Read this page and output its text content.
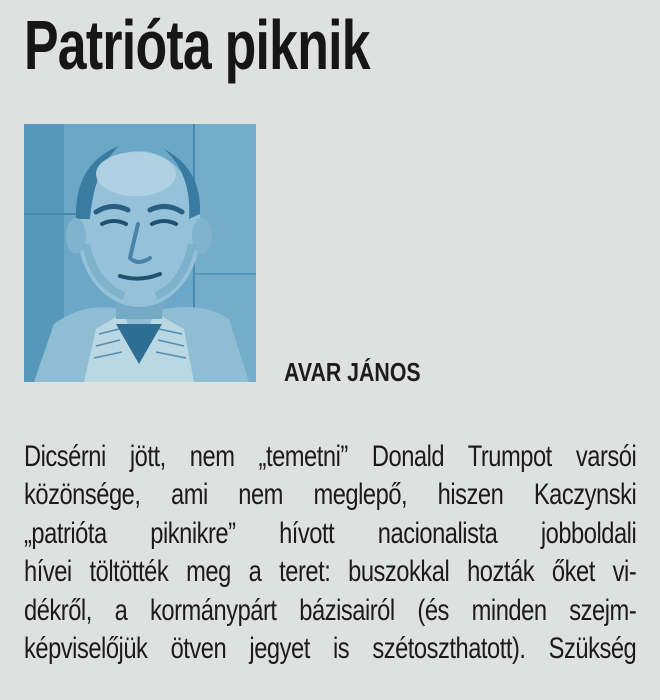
Patrióta piknik
AVAR JÁNOS
Dicsérni jött, nem „temetni” Donald Trumpot varsói
közönsége, ami nem meglepő, hiszen Kaczynski
„patrióta piknikre” hívott nacionalista jobboldali
hívei töltötték meg a teret: buszokkal hozták őket vi-
dékről, a kormánypárt bázisairól (és minden szejm-
képviselőjük ötven jegyet is szétoszthatott). Szükség
